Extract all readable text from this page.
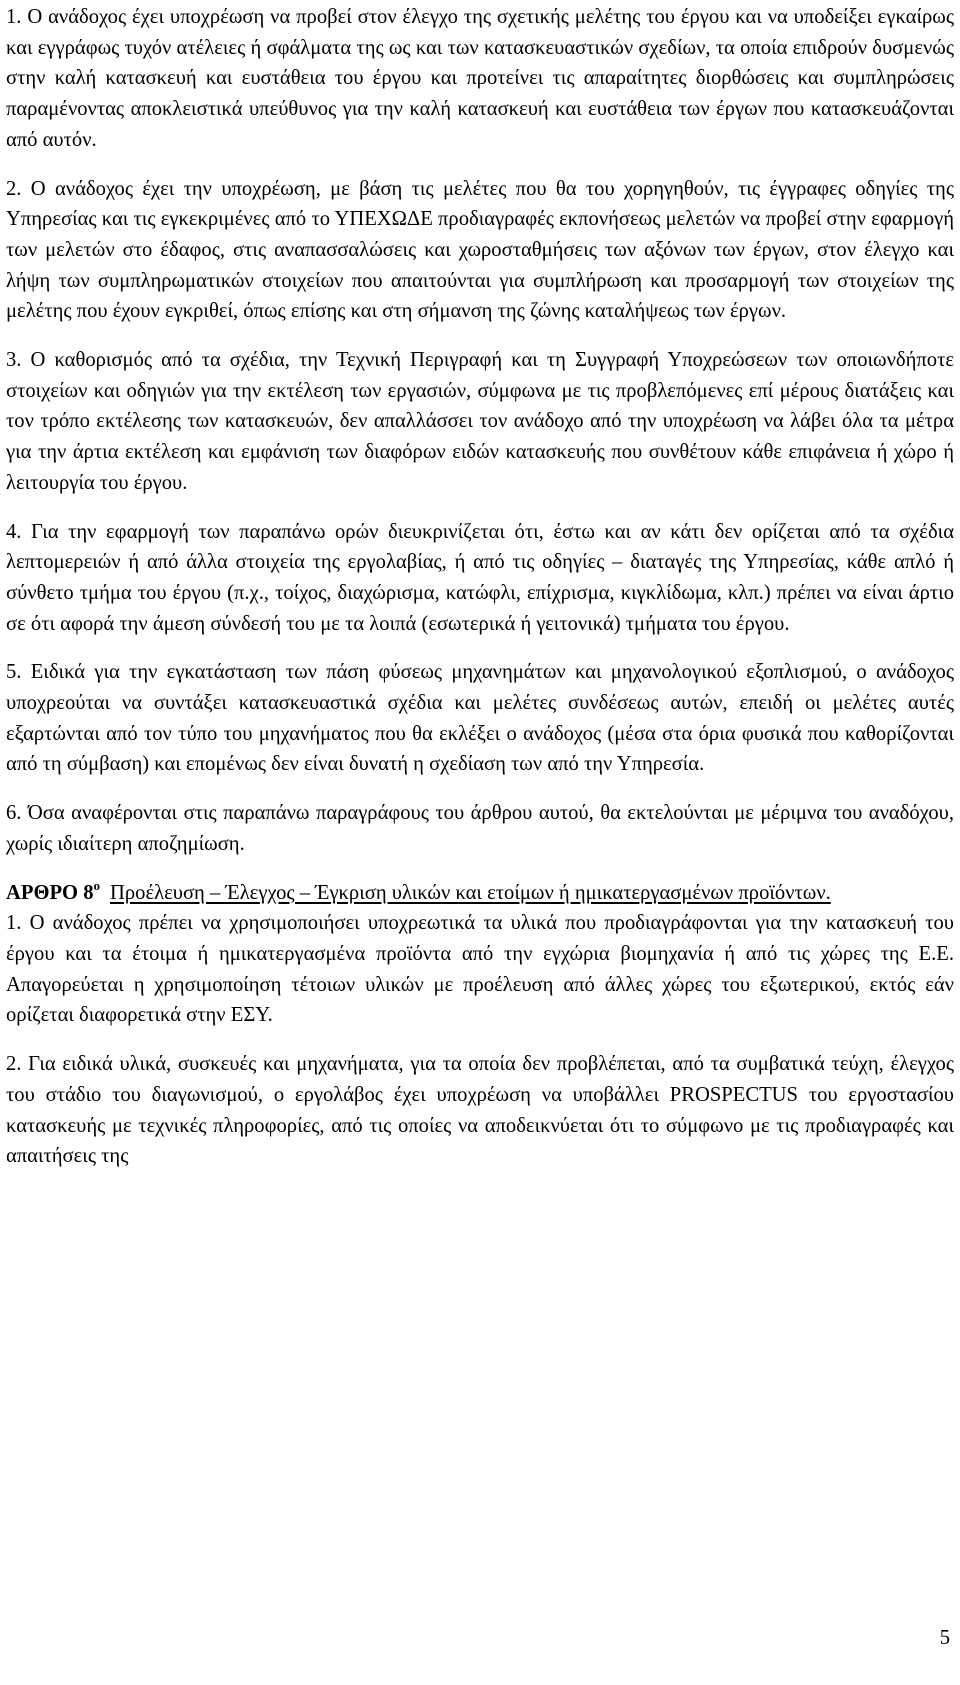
1. Ο ανάδοχος έχει υποχρέωση να προβεί στον έλεγχο της σχετικής μελέτης του έργου και να υποδείξει εγκαίρως και εγγράφως τυχόν ατέλειες ή σφάλματα της ως και των κατασκευαστικών σχεδίων, τα οποία επιδρούν δυσμενώς στην καλή κατασκευή και ευστάθεια του έργου και προτείνει τις απαραίτητες διορθώσεις και συμπληρώσεις παραμένοντας αποκλειστικά υπεύθυνος για την καλή κατασκευή και ευστάθεια των έργων που κατασκευάζονται από αυτόν.

2. Ο ανάδοχος έχει την υποχρέωση, με βάση τις μελέτες που θα του χορηγηθούν, τις έγγραφες οδηγίες της Υπηρεσίας και τις εγκεκριμένες από το ΥΠΕΧΩΔΕ προδιαγραφές εκπονήσεως μελετών να προβεί στην εφαρμογή των μελετών στο έδαφος, στις αναπασσαλώσεις και χωροσταθμήσεις των αξόνων των έργων, στον έλεγχο και λήψη των συμπληρωματικών στοιχείων που απαιτούνται για συμπλήρωση και προσαρμογή των στοιχείων της μελέτης που έχουν εγκριθεί, όπως επίσης και στη σήμανση της ζώνης καταλήψεως των έργων.

3. Ο καθορισμός από τα σχέδια, την Τεχνική Περιγραφή και τη Συγγραφή Υποχρεώσεων των οποιωνδήποτε στοιχείων και οδηγιών για την εκτέλεση των εργασιών, σύμφωνα με τις προβλεπόμενες επί μέρους διατάξεις και τον τρόπο εκτέλεσης των κατασκευών, δεν απαλλάσσει τον ανάδοχο από την υποχρέωση να λάβει όλα τα μέτρα για την άρτια εκτέλεση και εμφάνιση των διαφόρων ειδών κατασκευής που συνθέτουν κάθε επιφάνεια ή χώρο ή λειτουργία του έργου.

4. Για την εφαρμογή των παραπάνω ορών διευκρινίζεται ότι, έστω και αν κάτι δεν ορίζεται από τα σχέδια λεπτομερειών ή από άλλα στοιχεία της εργολαβίας, ή από τις οδηγίες – διαταγές της Υπηρεσίας, κάθε απλό ή σύνθετο τμήμα του έργου (π.χ., τοίχος, διαχώρισμα, κατώφλι, επίχρισμα, κιγκλίδωμα, κλπ.) πρέπει να είναι άρτιο σε ότι αφορά την άμεση σύνδεσή του με τα λοιπά (εσωτερικά ή γειτονικά) τμήματα του έργου.

5. Ειδικά για την εγκατάσταση των πάση φύσεως μηχανημάτων και μηχανολογικού εξοπλισμού, ο ανάδοχος υποχρεούται να συντάξει κατασκευαστικά σχέδια και μελέτες συνδέσεως αυτών, επειδή οι μελέτες αυτές εξαρτώνται από τον τύπο του μηχανήματος που θα εκλέξει ο ανάδοχος (μέσα στα όρια φυσικά που καθορίζονται από τη σύμβαση) και επομένως δεν είναι δυνατή η σχεδίαση των από την Υπηρεσία.

6. Όσα αναφέρονται στις παραπάνω παραγράφους του άρθρου αυτού, θα εκτελούνται με μέριμνα του αναδόχου, χωρίς ιδιαίτερη αποζημίωση.

ΑΡΘΡΟ $8^o$ Προέλευση – Έλεγχος – Έγκριση υλικών και ετοίμων ή ημικατεργασμένων προϊόντων.

1. Ο ανάδοχος πρέπει να χρησιμοποιήσει υποχρεωτικά τα υλικά που προδιαγράφονται για την κατασκευή του έργου και τα έτοιμα ή ημικατεργασμένα προϊόντα από την εγχώρια βιομηχανία ή από τις χώρες της Ε.Ε. Απαγορεύεται η χρησιμοποίηση τέτοιων υλικών με προέλευση από άλλες χώρες του εξωτερικού, εκτός εάν ορίζεται διαφορετικά στην ΕΣΥ.

2. Για ειδικά υλικά, συσκευές και μηχανήματα, για τα οποία δεν προβλέπεται, από τα συμβατικά τεύχη, έλεγχος του στάδιο του διαγωνισμού, ο εργολάβος έχει υποχρέωση να υποβάλλει PROSPECTUS του εργοστασίου κατασκευής με τεχνικές πληροφορίες, από τις οποίες να αποδεικνύεται ότι το σύμφωνο με τις προδιαγραφές και απαιτήσεις της

5
